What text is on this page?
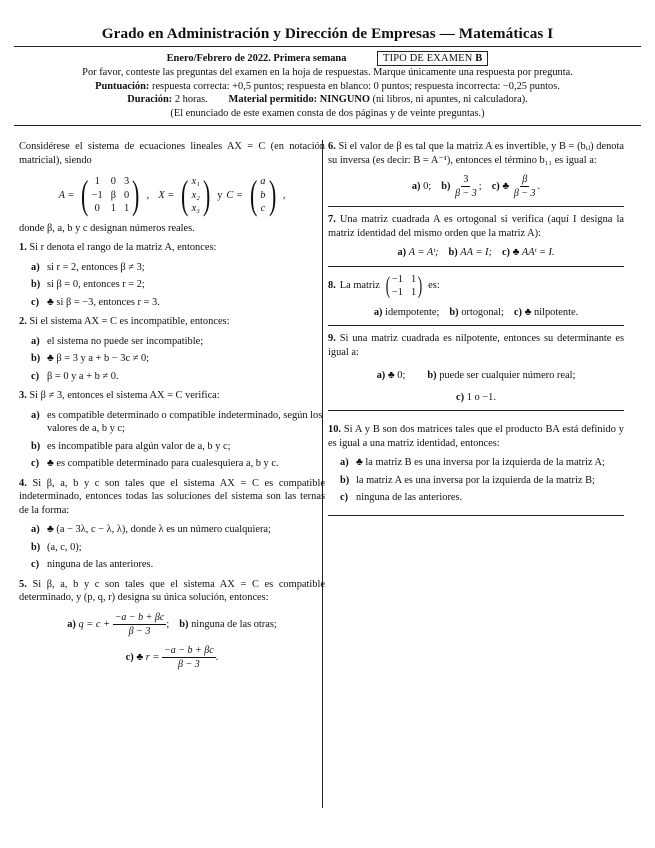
Grado en Administración y Dirección de Empresas — Matemáticas I
Enero/Febrero de 2022. Primera semana	TIPO DE EXAMEN B
Por favor, conteste las preguntas del examen en la hoja de respuestas. Marque únicamente una respuesta por pregunta.
Puntuación: respuesta correcta: +0,5 puntos; respuesta en blanco: 0 puntos; respuesta incorrecta: −0,25 puntos.
Duración: 2 horas. Material permitido: NINGUNO (ni libros, ni apuntes, ni calculadora).
(El enunciado de este examen consta de dos páginas y de veinte preguntas.)

Considérese el sistema de ecuaciones lineales AX = C (en notación matricial), siendo

A = ( 1 0 3
−1 β 0
0 1 1 ) , X = ( x₁
x₂
x₃ ) y C = ( a
b
c ) ,

donde β, a, b y c designan números reales.

1. Si r denota el rango de la matriz A, entonces:

a) si r = 2, entonces β ≠ 3;
b) si β = 0, entonces r = 2;
c) ♣ si β = −3, entonces r = 3.

2. Si el sistema AX = C es incompatible, entonces:

a) el sistema no puede ser incompatible;
b) ♣ β = 3 y a + b − 3c ≠ 0;
c) β = 0 y a + b ≠ 0.

3. Si β ≠ 3, entonces el sistema AX = C verifica:

a) es compatible determinado o compatible indeterminado, según los valores de a, b y c;
b) es incompatible para algún valor de a, b y c;
c) ♣ es compatible determinado para cualesquiera a, b y c.

4. Si β, a, b y c son tales que el sistema AX = C es compatible indeterminado, entonces todas las soluciones del sistema son las ternas de la forma:

a) ♣ (a − 3λ, c − λ, λ), donde λ es un número cualquiera;
b) (a, c, 0);
c) ninguna de las anteriores.

5. Si β, a, b y c son tales que el sistema AX = C es compatible determinado, y (p, q, r) designa su única solución, entonces:

a) $q = c + \frac{-a - b + \beta c}{\beta - 3}$ ; b) ninguna de las otras;
c) ♣ $r = \frac{-a - b + \beta c}{\beta - 3}$ .

6. Si el valor de β es tal que la matriz A es invertible, y B = (bᵢⱼ) denota su inversa (es decir: B = A⁻¹), entonces el término b₁₁ es igual a:

a) 0; $b) \frac{3}{\beta - 3}$ ; c) ♣ $\frac{\beta}{\beta - 3}$ .

7. Una matriz cuadrada A es ortogonal si verifica (aquí I designa la matriz identidad del mismo orden que la matriz A):

a) A = Aᵗ; b) AA = I; c) ♣ AAᵗ = I.
8. La matriz ( −1 1
−1 1 ) es:
a) idempotente; b) ortogonal; c) ♣ nilpotente.

9. Si una matriz cuadrada es nilpotente, entonces su determinante es igual a:

a) ♣ 0; b) puede ser cualquier número real;
c) 1 o −1.

10. Si A y B son dos matrices tales que el producto BA está definido y es igual a una matriz identidad, entonces:

a) ♣ la matriz B es una inversa por la izquierda de la matriz A;
b) la matriz A es una inversa por la izquierda de la matriz B;
c) ninguna de las anteriores.
